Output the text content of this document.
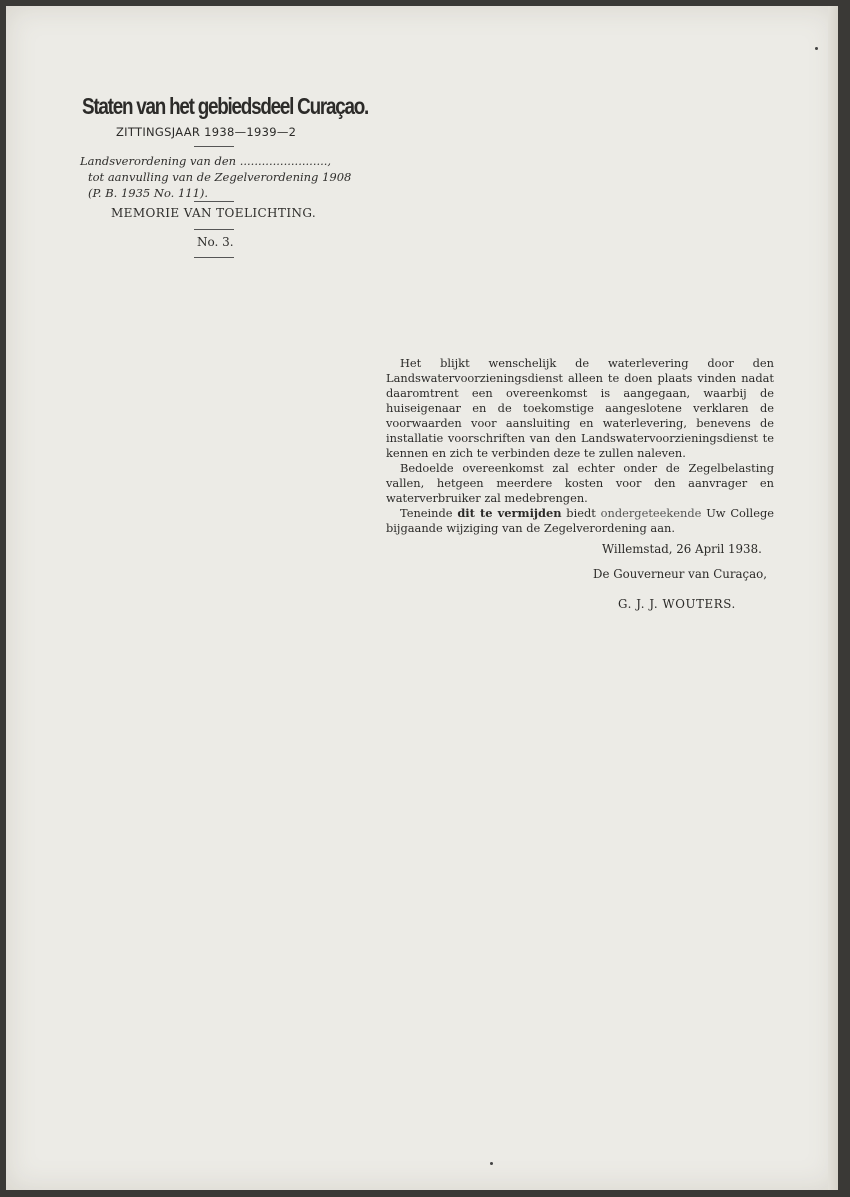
Staten van het gebiedsdeel Curaçao.
ZITTINGSJAAR 1938—1939—2
Landsverordening van den ........................,
tot aanvulling van de Zegelverordening 1908
(P. B. 1935 No. 111).
MEMORIE VAN TOELICHTING.
No. 3.

Het blijkt wenschelijk de waterlevering door den Landswatervoorzieningsdienst alleen te doen plaats vinden nadat daaromtrent een overeenkomst is aangegaan, waarbij de huiseigenaar en de toekomstige aangeslotene verklaren de voorwaarden voor aansluiting en waterlevering, benevens de installatie voorschriften van den Landswatervoorzieningsdienst te kennen en zich te verbinden deze te zullen naleven.

Bedoelde overeenkomst zal echter onder de Zegelbelasting vallen, hetgeen meerdere kosten voor den aanvrager en waterverbruiker zal medebrengen.

Teneinde dit te vermijden biedt ondergeteekende Uw College bijgaande wijziging van de Zegelverordening aan.

Willemstad, 26 April 1938.
De Gouverneur van Curaçao,
G. J. J. WOUTERS.
